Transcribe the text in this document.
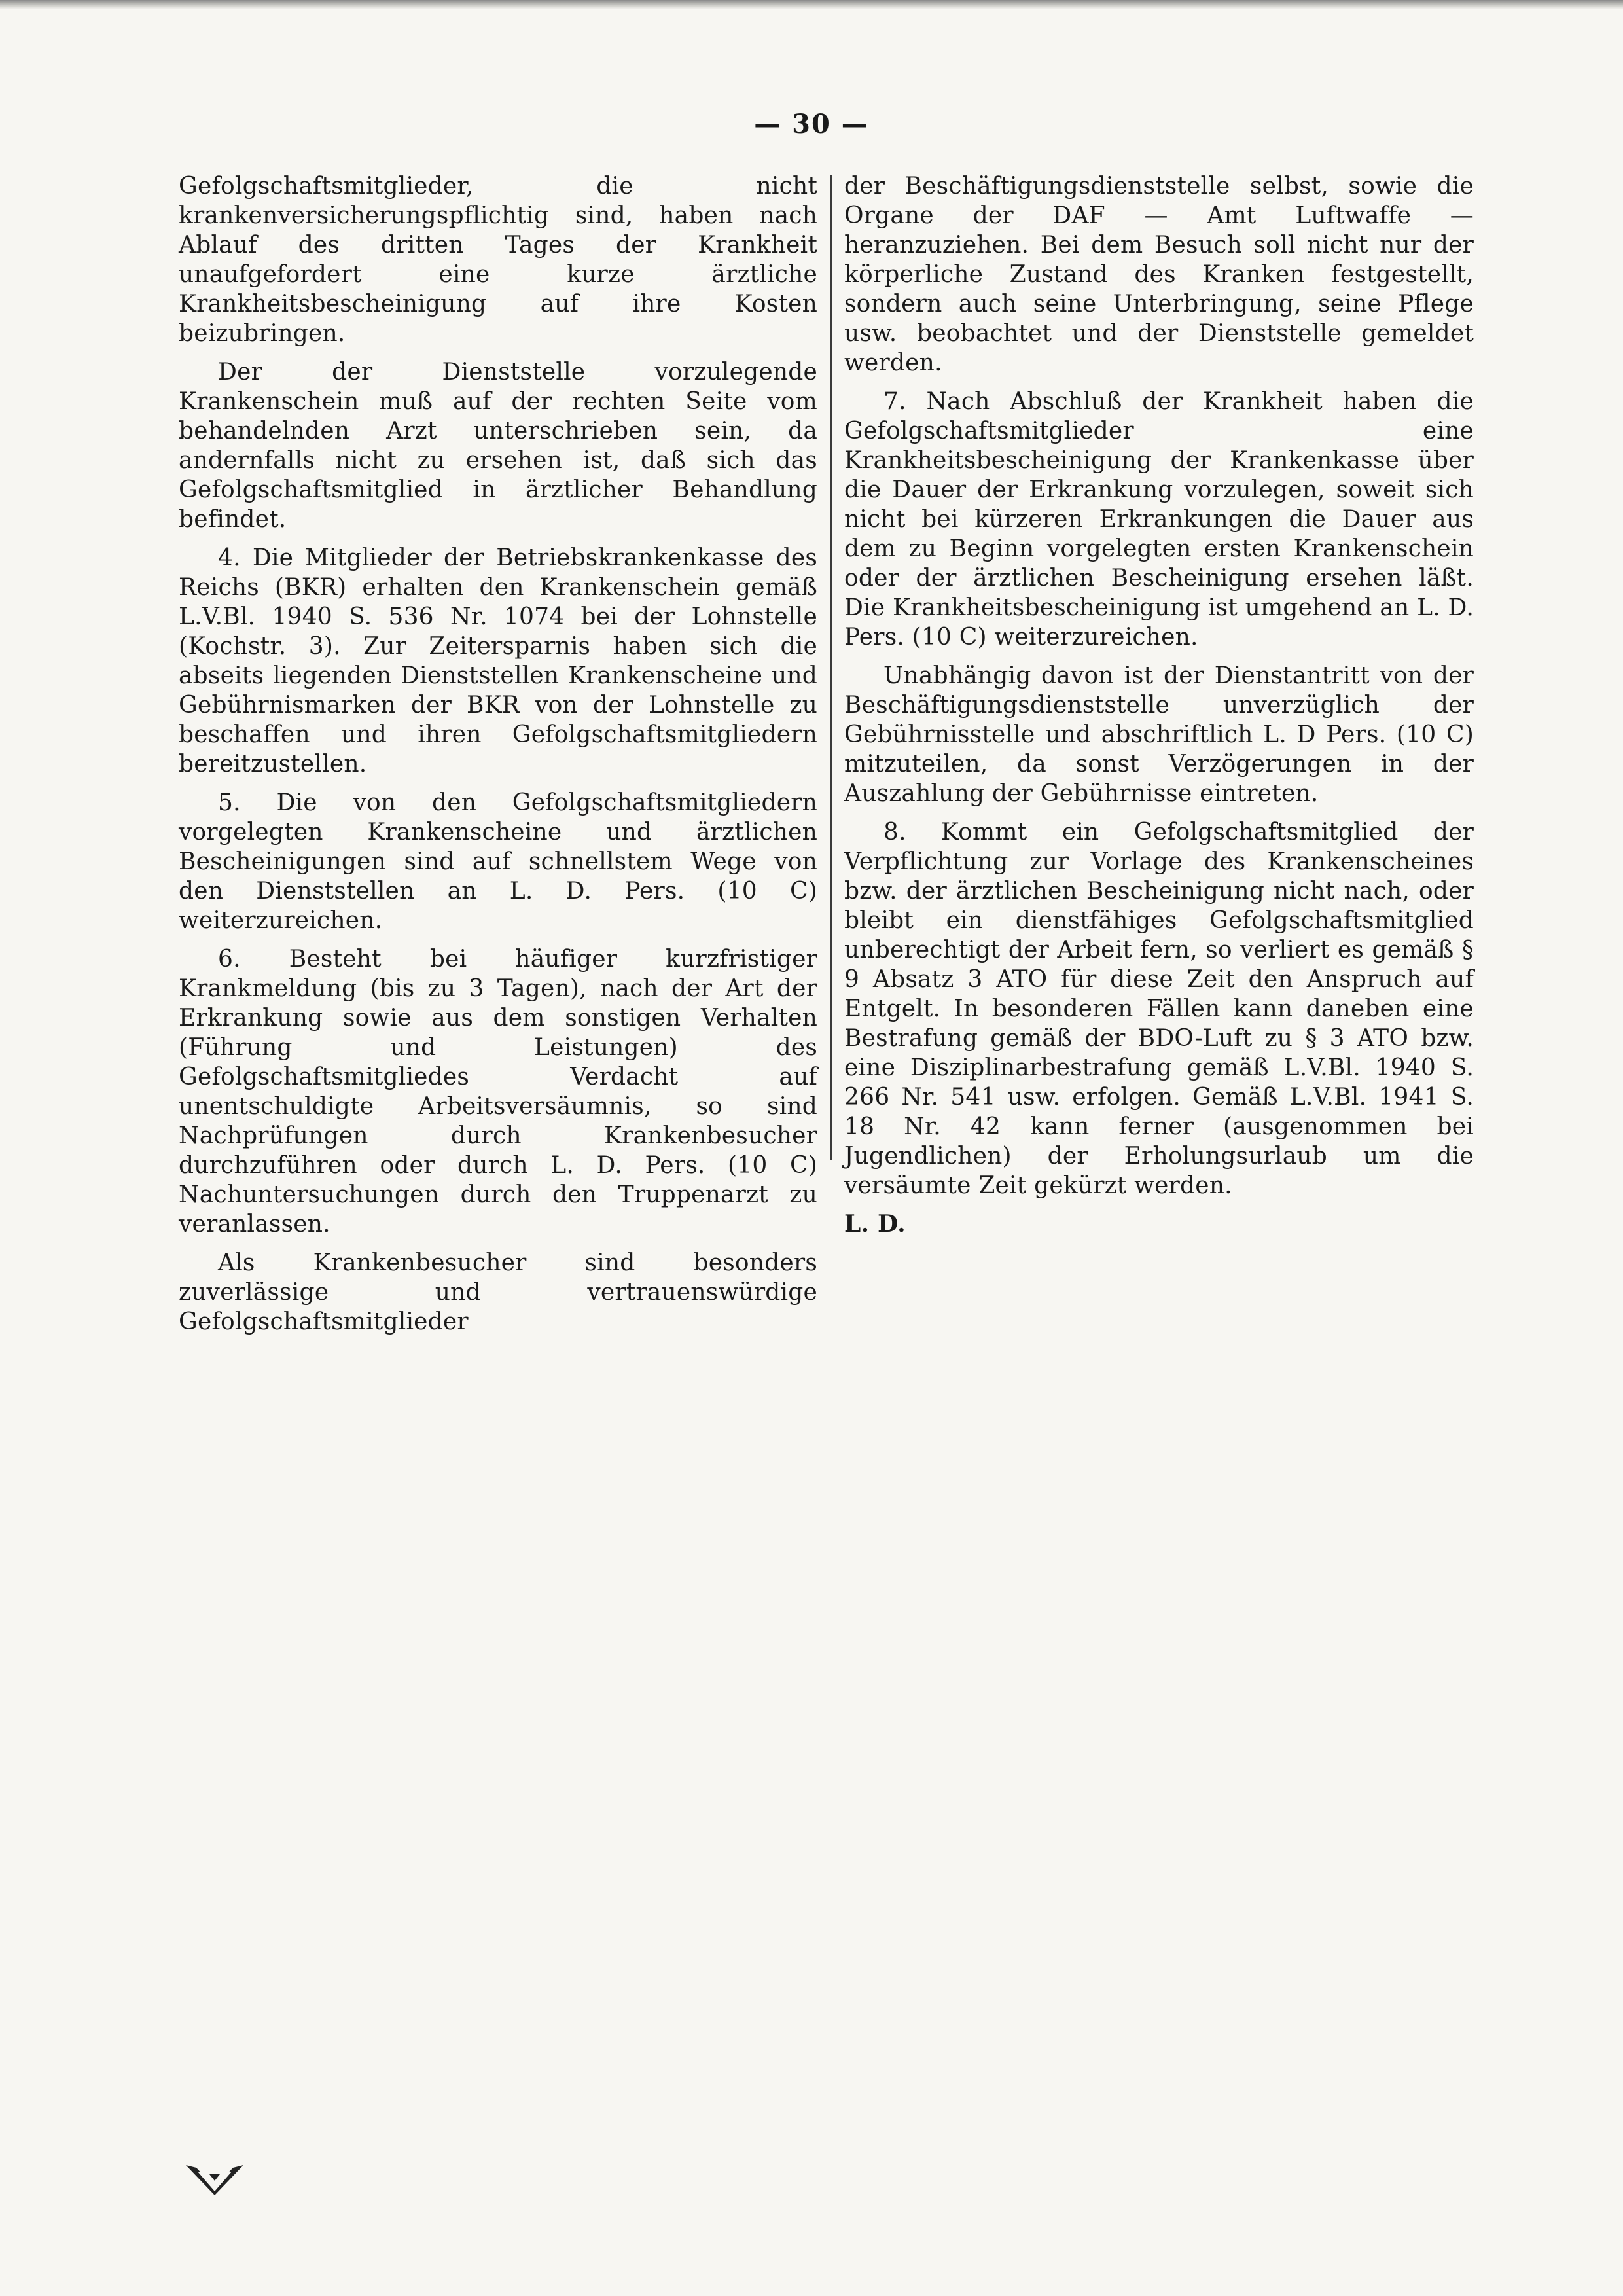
— 30 —

Gefolgschaftsmitglieder, die nicht krankenversicherungspflichtig sind, haben nach Ablauf des dritten Tages der Krankheit unaufgefordert eine kurze ärztliche Krankheitsbescheinigung auf ihre Kosten beizubringen.

Der der Dienststelle vorzulegende Krankenschein muß auf der rechten Seite vom behandelnden Arzt unterschrieben sein, da andernfalls nicht zu ersehen ist, daß sich das Gefolgschaftsmitglied in ärztlicher Behandlung befindet.

4. Die Mitglieder der Betriebskrankenkasse des Reichs (BKR) erhalten den Krankenschein gemäß L.V.Bl. 1940 S. 536 Nr. 1074 bei der Lohnstelle (Kochstr. 3). Zur Zeitersparnis haben sich die abseits liegenden Dienststellen Krankenscheine und Gebührnismarken der BKR von der Lohnstelle zu beschaffen und ihren Gefolgschaftsmitgliedern bereitzustellen.

5. Die von den Gefolgschaftsmitgliedern vorgelegten Krankenscheine und ärztlichen Bescheinigungen sind auf schnellstem Wege von den Dienststellen an L. D. Pers. (10 C) weiterzureichen.

6. Besteht bei häufiger kurzfristiger Krankmeldung (bis zu 3 Tagen), nach der Art der Erkrankung sowie aus dem sonstigen Verhalten (Führung und Leistungen) des Gefolgschaftsmitgliedes Verdacht auf unentschuldigte Arbeitsversäumnis, so sind Nachprüfungen durch Krankenbesucher durchzuführen oder durch L. D. Pers. (10 C) Nachuntersuchungen durch den Truppenarzt zu veranlassen.

Als Krankenbesucher sind besonders zuverlässige und vertrauenswürdige Gefolgschaftsmitglieder

der Beschäftigungsdienststelle selbst, sowie die Organe der DAF — Amt Luftwaffe — heranzuziehen. Bei dem Besuch soll nicht nur der körperliche Zustand des Kranken festgestellt, sondern auch seine Unterbringung, seine Pflege usw. beobachtet und der Dienststelle gemeldet werden.

7. Nach Abschluß der Krankheit haben die Gefolgschaftsmitglieder eine Krankheitsbescheinigung der Krankenkasse über die Dauer der Erkrankung vorzulegen, soweit sich nicht bei kürzeren Erkrankungen die Dauer aus dem zu Beginn vorgelegten ersten Krankenschein oder der ärztlichen Bescheinigung ersehen läßt. Die Krankheitsbescheinigung ist umgehend an L. D. Pers. (10 C) weiterzureichen.

Unabhängig davon ist der Dienstantritt von der Beschäftigungsdienststelle unverzüglich der Gebührnisstelle und abschriftlich L. D Pers. (10 C) mitzuteilen, da sonst Verzögerungen in der Auszahlung der Gebührnisse eintreten.

8. Kommt ein Gefolgschaftsmitglied der Verpflichtung zur Vorlage des Krankenscheines bzw. der ärztlichen Bescheinigung nicht nach, oder bleibt ein dienstfähiges Gefolgschaftsmitglied unberechtigt der Arbeit fern, so verliert es gemäß § 9 Absatz 3 ATO für diese Zeit den Anspruch auf Entgelt. In besonderen Fällen kann daneben eine Bestrafung gemäß der BDO-Luft zu § 3 ATO bzw. eine Disziplinarbestrafung gemäß L.V.Bl. 1940 S. 266 Nr. 541 usw. erfolgen. Gemäß L.V.Bl. 1941 S. 18 Nr. 42 kann ferner (ausgenommen bei Jugendlichen) der Erholungsurlaub um die versäumte Zeit gekürzt werden.

L. D.
